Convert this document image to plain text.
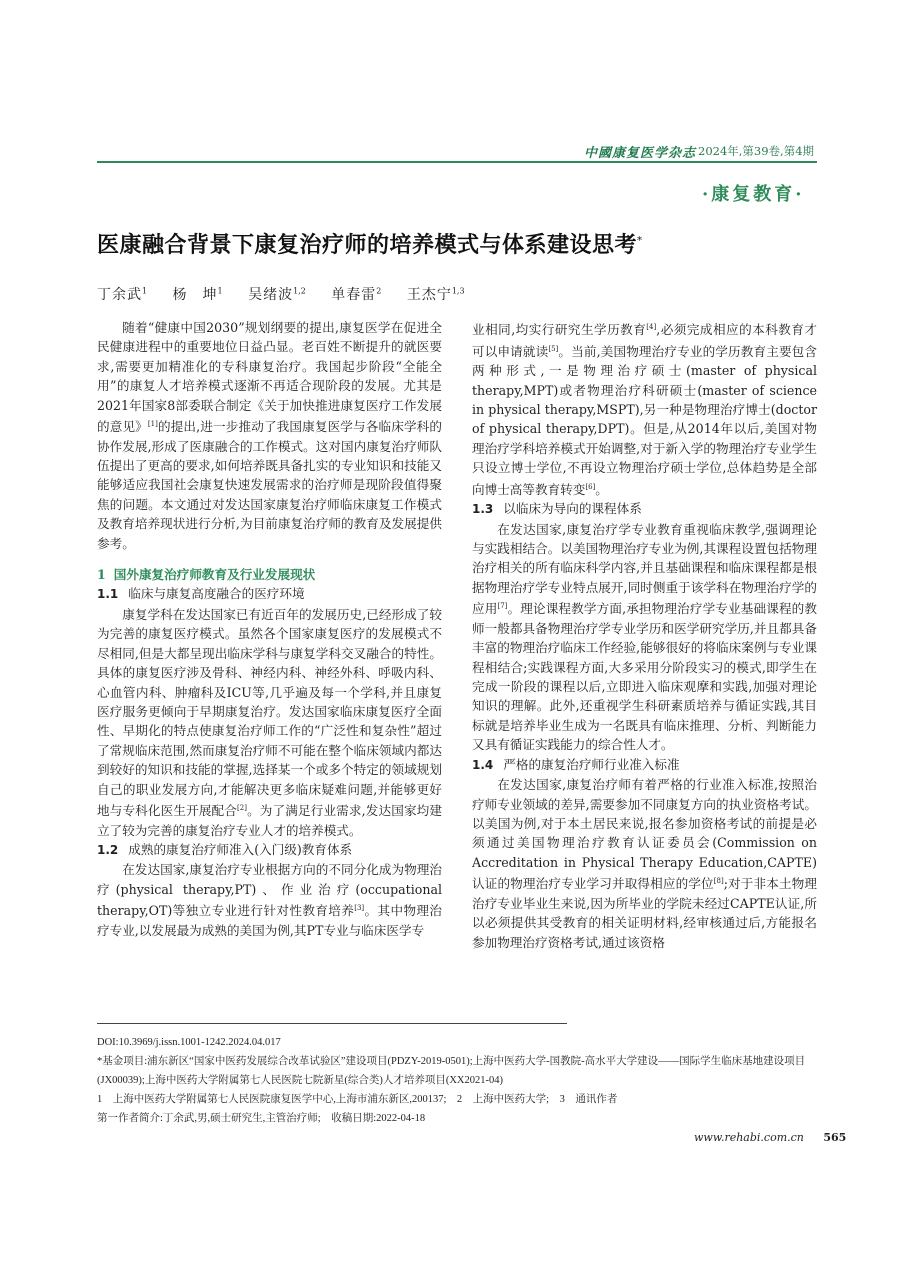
中國康复医学杂志 2024年,第39卷,第4期
·康复教育·
医康融合背景下康复治疗师的培养模式与体系建设思考*
丁余武$^1$ 杨　坤$^1$ 吴绪波$^{1,2}$ 单春雷$^2$ 王杰宁$^{1,3}$

随着“健康中国2030”规划纲要的提出,康复医学在促进全民健康进程中的重要地位日益凸显。老百姓不断提升的就医要求,需要更加精准化的专科康复治疗。我国起步阶段“全能全用”的康复人才培养模式逐渐不再适合现阶段的发展。尤其是2021年国家8部委联合制定《关于加快推进康复医疗工作发展的意见》[1]的提出,进一步推动了我国康复医学与各临床学科的协作发展,形成了医康融合的工作模式。这对国内康复治疗师队伍提出了更高的要求,如何培养既具备扎实的专业知识和技能又能够适应我国社会康复快速发展需求的治疗师是现阶段值得聚焦的问题。本文通过对发达国家康复治疗师临床康复工作模式及教育培养现状进行分析,为目前康复治疗师的教育及发展提供参考。

1 国外康复治疗师教育及行业发展现状

1.1 临床与康复高度融合的医疗环境

康复学科在发达国家已有近百年的发展历史,已经形成了较为完善的康复医疗模式。虽然各个国家康复医疗的发展模式不尽相同,但是大都呈现出临床学科与康复学科交叉融合的特性。具体的康复医疗涉及骨科、神经内科、神经外科、呼吸内科、心血管内科、肿瘤科及ICU等,几乎遍及每一个学科,并且康复医疗服务更倾向于早期康复治疗。发达国家临床康复医疗全面性、早期化的特点使康复治疗师工作的“广泛性和复杂性”超过了常规临床范围,然而康复治疗师不可能在整个临床领域内都达到较好的知识和技能的掌握,选择某一个或多个特定的领域规划自己的职业发展方向,才能解决更多临床疑难问题,并能够更好地与专科化医生开展配合[2]。为了满足行业需求,发达国家均建立了较为完善的康复治疗专业人才的培养模式。

1.2 成熟的康复治疗师准入(入门级)教育体系

在发达国家,康复治疗专业根据方向的不同分化成为物理治疗(physical therapy,PT)、作业治疗(occupational therapy,OT)等独立专业进行针对性教育培养[3]。其中物理治疗专业,以发展最为成熟的美国为例,其PT专业与临床医学专

业相同,均实行研究生学历教育[4],必须完成相应的本科教育才可以申请就读[5]。当前,美国物理治疗专业的学历教育主要包含两种形式,一是物理治疗硕士(master of physical therapy,MPT)或者物理治疗科研硕士(master of science in physical therapy,MSPT),另一种是物理治疗博士(doctor of physical therapy,DPT)。但是,从2014年以后,美国对物理治疗学科培养模式开始调整,对于新入学的物理治疗专业学生只设立博士学位,不再设立物理治疗硕士学位,总体趋势是全部向博士高等教育转变[6]。

1.3 以临床为导向的课程体系

在发达国家,康复治疗学专业教育重视临床教学,强调理论与实践相结合。以美国物理治疗专业为例,其课程设置包括物理治疗相关的所有临床科学内容,并且基础课程和临床课程都是根据物理治疗学专业特点展开,同时侧重于该学科在物理治疗学的应用[7]。理论课程教学方面,承担物理治疗学专业基础课程的教师一般都具备物理治疗学专业学历和医学研究学历,并且都具备丰富的物理治疗临床工作经验,能够很好的将临床案例与专业课程相结合;实践课程方面,大多采用分阶段实习的模式,即学生在完成一阶段的课程以后,立即进入临床观摩和实践,加强对理论知识的理解。此外,还重视学生科研素质培养与循证实践,其目标就是培养毕业生成为一名既具有临床推理、分析、判断能力又具有循证实践能力的综合性人才。

1.4 严格的康复治疗师行业准入标准

在发达国家,康复治疗师有着严格的行业准入标准,按照治疗师专业领域的差异,需要参加不同康复方向的执业资格考试。以美国为例,对于本土居民来说,报名参加资格考试的前提是必须通过美国物理治疗教育认证委员会(Commission on Accreditation in Physical Therapy Education,CAPTE)认证的物理治疗专业学习并取得相应的学位[8];对于非本土物理治疗专业毕业生来说,因为所毕业的学院未经过CAPTE认证,所以必须提供其受教育的相关证明材料,经审核通过后,方能报名参加物理治疗资格考试,通过该资格

DOI:10.3969/j.issn.1001-1242.2024.04.017
*基金项目:浦东新区“国家中医药发展综合改革试验区”建设项目(PDZY-2019-0501);上海中医药大学-国教院-高水平大学建设——国际学生临床基地建设项目(JX00039);上海中医药大学附属第七人民医院七院新星(综合类)人才培养项目(XX2021-04)
1　上海中医药大学附属第七人民医院康复医学中心,上海市浦东新区,200137;　2　上海中医药大学;　3　通讯作者
第一作者简介:丁余武,男,硕士研究生,主管治疗师;　收稿日期:2022-04-18
www.rehabi.com.cn 565
